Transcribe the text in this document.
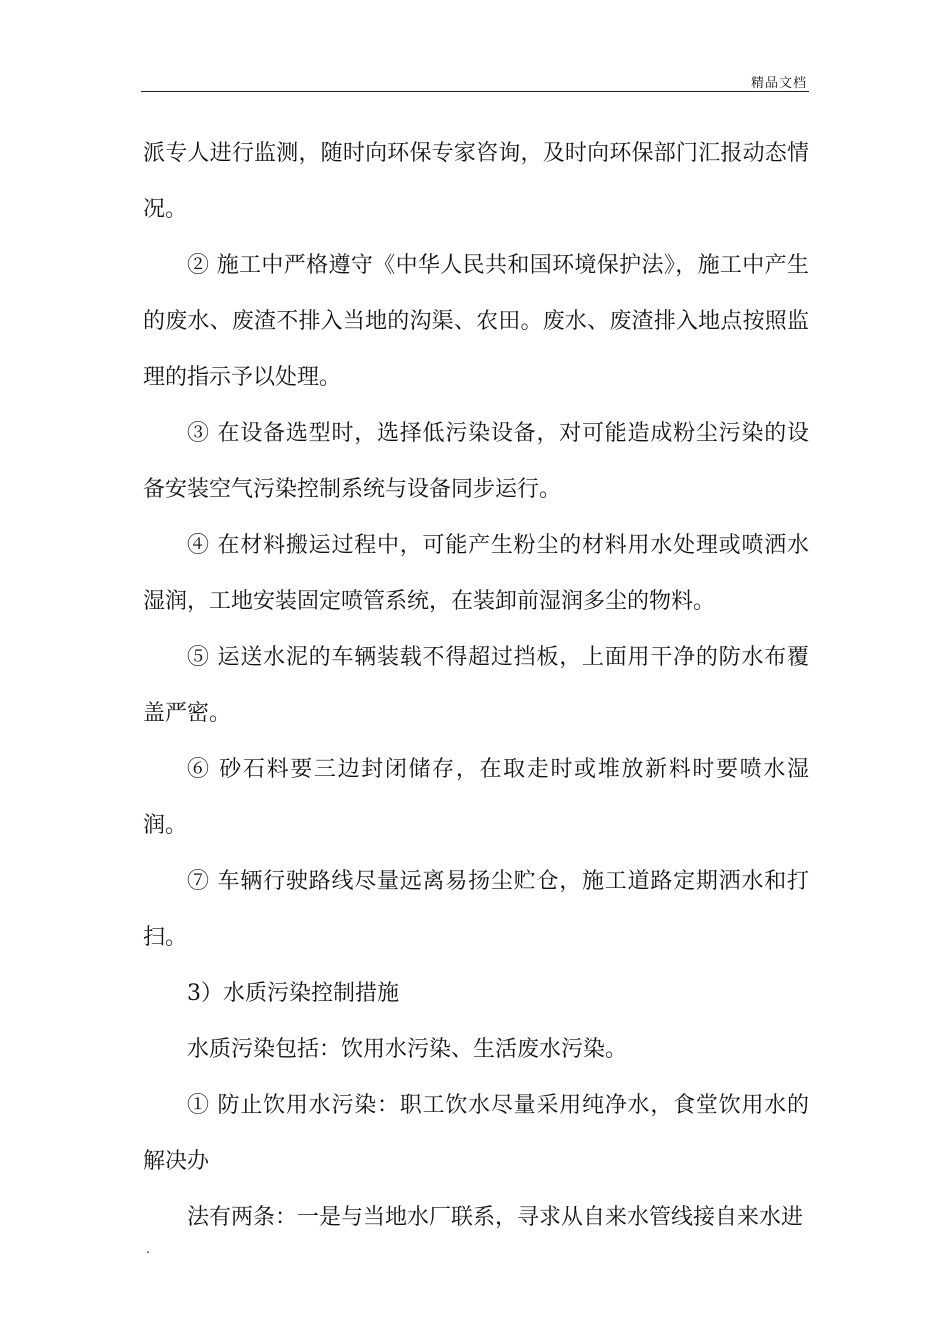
精品文档

派专人进行监测，随时向环保专家咨询，及时向环保部门汇报动态情况。

② 施工中严格遵守《中华人民共和国环境保护法》，施工中产生的废水、废渣不排入当地的沟渠、农田。废水、废渣排入地点按照监理的指示予以处理。

③ 在设备选型时，选择低污染设备，对可能造成粉尘污染的设备安装空气污染控制系统与设备同步运行。

④ 在材料搬运过程中，可能产生粉尘的材料用水处理或喷洒水湿润，工地安装固定喷管系统，在装卸前湿润多尘的物料。

⑤ 运送水泥的车辆装载不得超过挡板，上面用干净的防水布覆盖严密。

⑥ 砂石料要三边封闭储存，在取走时或堆放新料时要喷水湿润。

⑦ 车辆行驶路线尽量远离易扬尘贮仓，施工道路定期洒水和打扫。

3）水质污染控制措施

水质污染包括：饮用水污染、生活废水污染。

① 防止饮用水污染：职工饮水尽量采用纯净水，食堂饮用水的解决办

法有两条：一是与当地水厂联系，寻求从自来水管线接自来水进

.
